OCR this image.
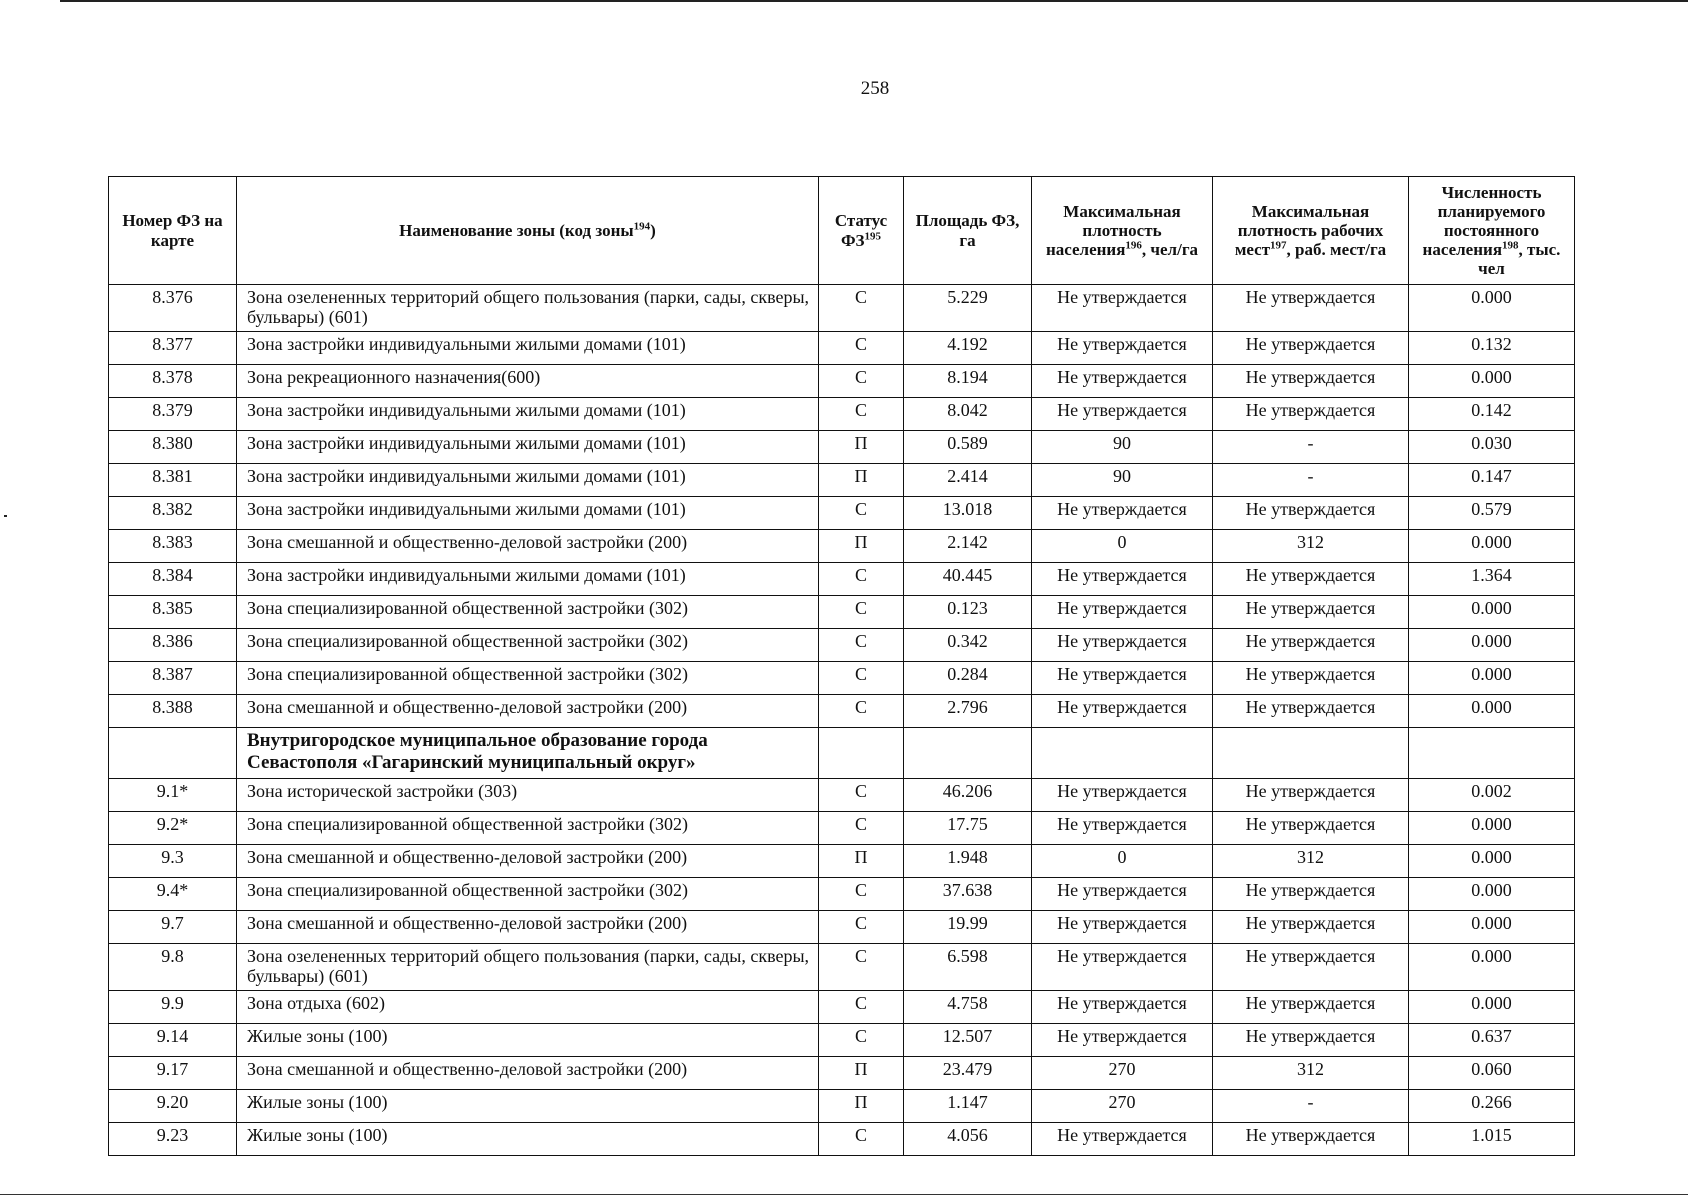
258
Номер ФЗ на карте	Наименование зоны (код зоны$^{194}$)	Статус ФЗ$^{195}$	Площадь ФЗ, га	Максимальная плотность населения$^{196}$, чел/га	Максимальная плотность рабочих мест$^{197}$, раб. мест/га	Численность планируемого постоянного населения$^{198}$, тыс. чел
8.376	Зона озелененных территорий общего пользования (парки, сады, скверы, бульвары) (601)	С	5.229	Не утверждается	Не утверждается	0.000
8.377	Зона застройки индивидуальными жилыми домами (101)	С	4.192	Не утверждается	Не утверждается	0.132
8.378	Зона рекреационного назначения(600)	С	8.194	Не утверждается	Не утверждается	0.000
8.379	Зона застройки индивидуальными жилыми домами (101)	С	8.042	Не утверждается	Не утверждается	0.142
8.380	Зона застройки индивидуальными жилыми домами (101)	П	0.589	90	-	0.030
8.381	Зона застройки индивидуальными жилыми домами (101)	П	2.414	90	-	0.147
8.382	Зона застройки индивидуальными жилыми домами (101)	С	13.018	Не утверждается	Не утверждается	0.579
8.383	Зона смешанной и общественно-деловой застройки (200)	П	2.142	0	312	0.000
8.384	Зона застройки индивидуальными жилыми домами (101)	С	40.445	Не утверждается	Не утверждается	1.364
8.385	Зона специализированной общественной застройки (302)	С	0.123	Не утверждается	Не утверждается	0.000
8.386	Зона специализированной общественной застройки (302)	С	0.342	Не утверждается	Не утверждается	0.000
8.387	Зона специализированной общественной застройки (302)	С	0.284	Не утверждается	Не утверждается	0.000
8.388	Зона смешанной и общественно-деловой застройки (200)	С	2.796	Не утверждается	Не утверждается	0.000
	Внутригородское муниципальное образование города Севастополя «Гагаринский муниципальный округ»					
9.1*	Зона исторической застройки (303)	С	46.206	Не утверждается	Не утверждается	0.002
9.2*	Зона специализированной общественной застройки (302)	С	17.75	Не утверждается	Не утверждается	0.000
9.3	Зона смешанной и общественно-деловой застройки (200)	П	1.948	0	312	0.000
9.4*	Зона специализированной общественной застройки (302)	С	37.638	Не утверждается	Не утверждается	0.000
9.7	Зона смешанной и общественно-деловой застройки (200)	С	19.99	Не утверждается	Не утверждается	0.000
9.8	Зона озелененных территорий общего пользования (парки, сады, скверы, бульвары) (601)	С	6.598	Не утверждается	Не утверждается	0.000
9.9	Зона отдыха (602)	С	4.758	Не утверждается	Не утверждается	0.000
9.14	Жилые зоны (100)	С	12.507	Не утверждается	Не утверждается	0.637
9.17	Зона смешанной и общественно-деловой застройки (200)	П	23.479	270	312	0.060
9.20	Жилые зоны (100)	П	1.147	270	-	0.266
9.23	Жилые зоны (100)	С	4.056	Не утверждается	Не утверждается	1.015
